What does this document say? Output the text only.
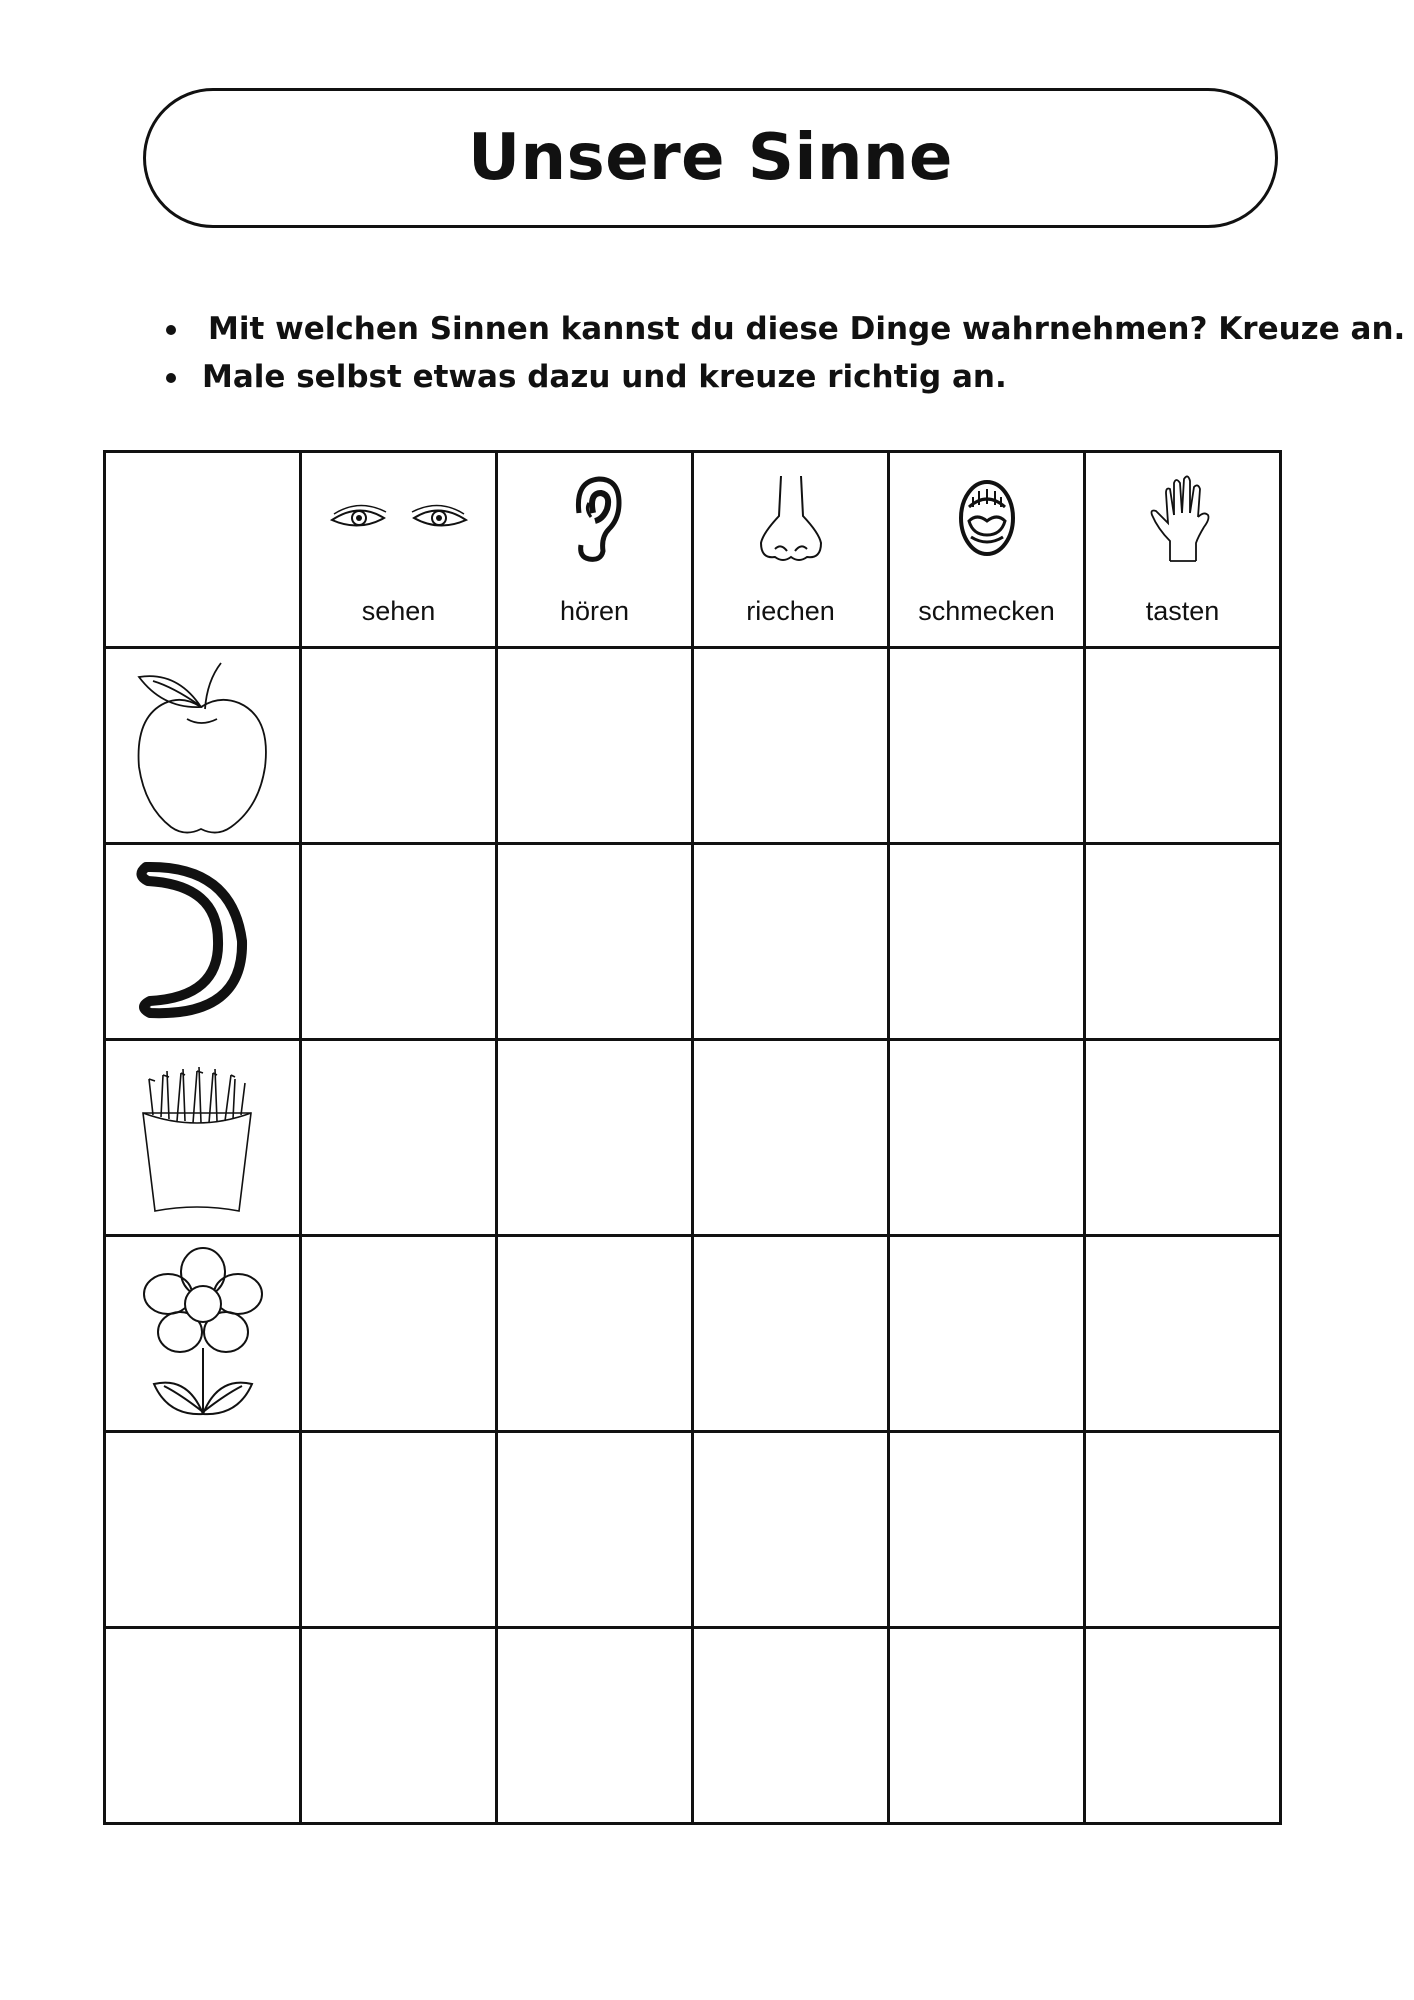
Unsere Sinne
Mit welchen Sinnen kannst du diese Dinge wahrnehmen? Kreuze an.
Male selbst etwas dazu und kreuze richtig an.

	sehen	hören	riechen	schmecken	tasten
